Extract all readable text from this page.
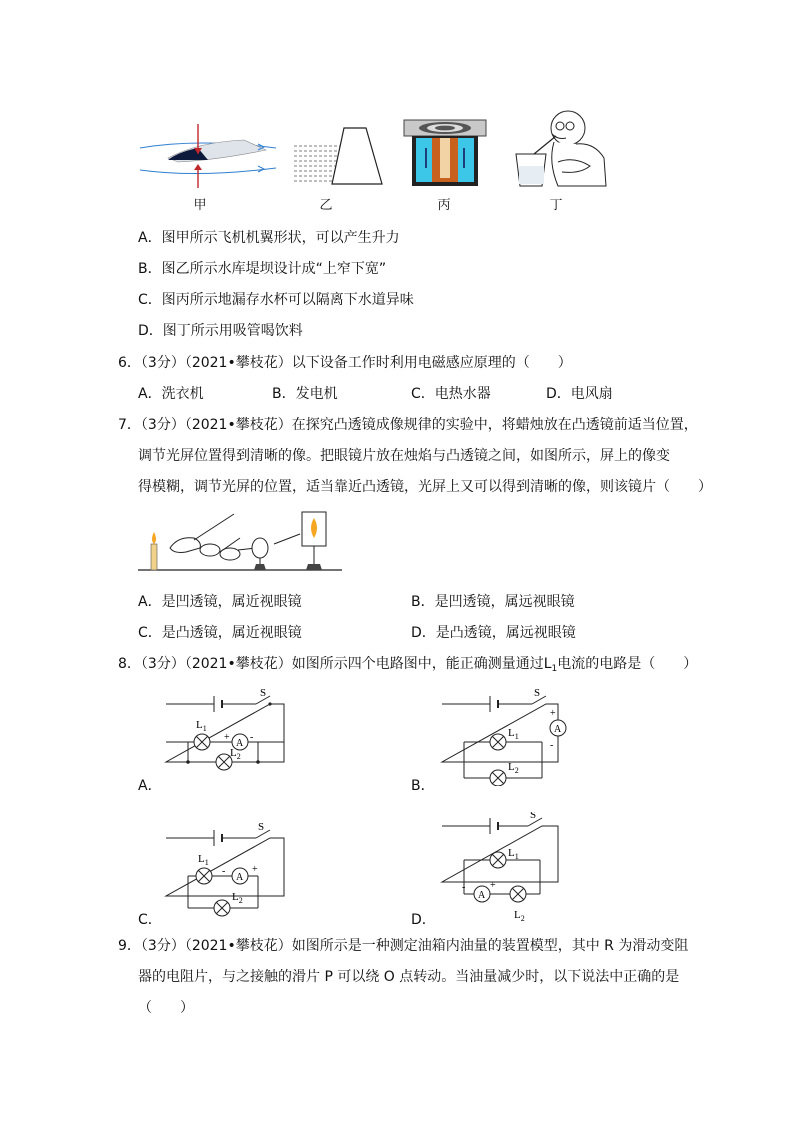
甲	乙	丙	丁
A．图甲所示飞机机翼形状，可以产生升力
B．图乙所示水库堤坝设计成“上窄下宽”
C．图丙所示地漏存水杯可以隔离下水道异味
D．图丁所示用吸管喝饮料
6．（3分）（2021•攀枝花）以下设备工作时利用电磁感应原理的（　　）
A．洗衣机	B．发电机	C．电热水器	D．电风扇
7．（3分）（2021•攀枝花）在探究凸透镜成像规律的实验中，将蜡烛放在凸透镜前适当位置，
调节光屏位置得到清晰的像。把眼镜片放在烛焰与凸透镜之间，如图所示，屏上的像变
得模糊，调节光屏的位置，适当靠近凸透镜，光屏上又可以得到清晰的像，则该镜片（　　）
A．是凹透镜，属近视眼镜	B．是凹透镜，属远视眼镜
C．是凸透镜，属近视眼镜	D．是凸透镜，属远视眼镜
8．（3分）（2021•攀枝花）如图所示四个电路图中，能正确测量通过$L_1$电流的电路是（　　）
S
A
+ -
$L_1$
$L_2$
A．
S
A
+
-
$L_1$
$L_2$
B．
S
$L_1$
A
-	+
$L_2$
C．
S
$L_1$
A
- +
$L_2$
D．
9．（3分）（2021•攀枝花）如图所示是一种测定油箱内油量的装置模型，其中 R 为滑动变阻
器的电阻片，与之接触的滑片 P 可以绕 O 点转动。当油量减少时，以下说法中正确的是
（　　）
